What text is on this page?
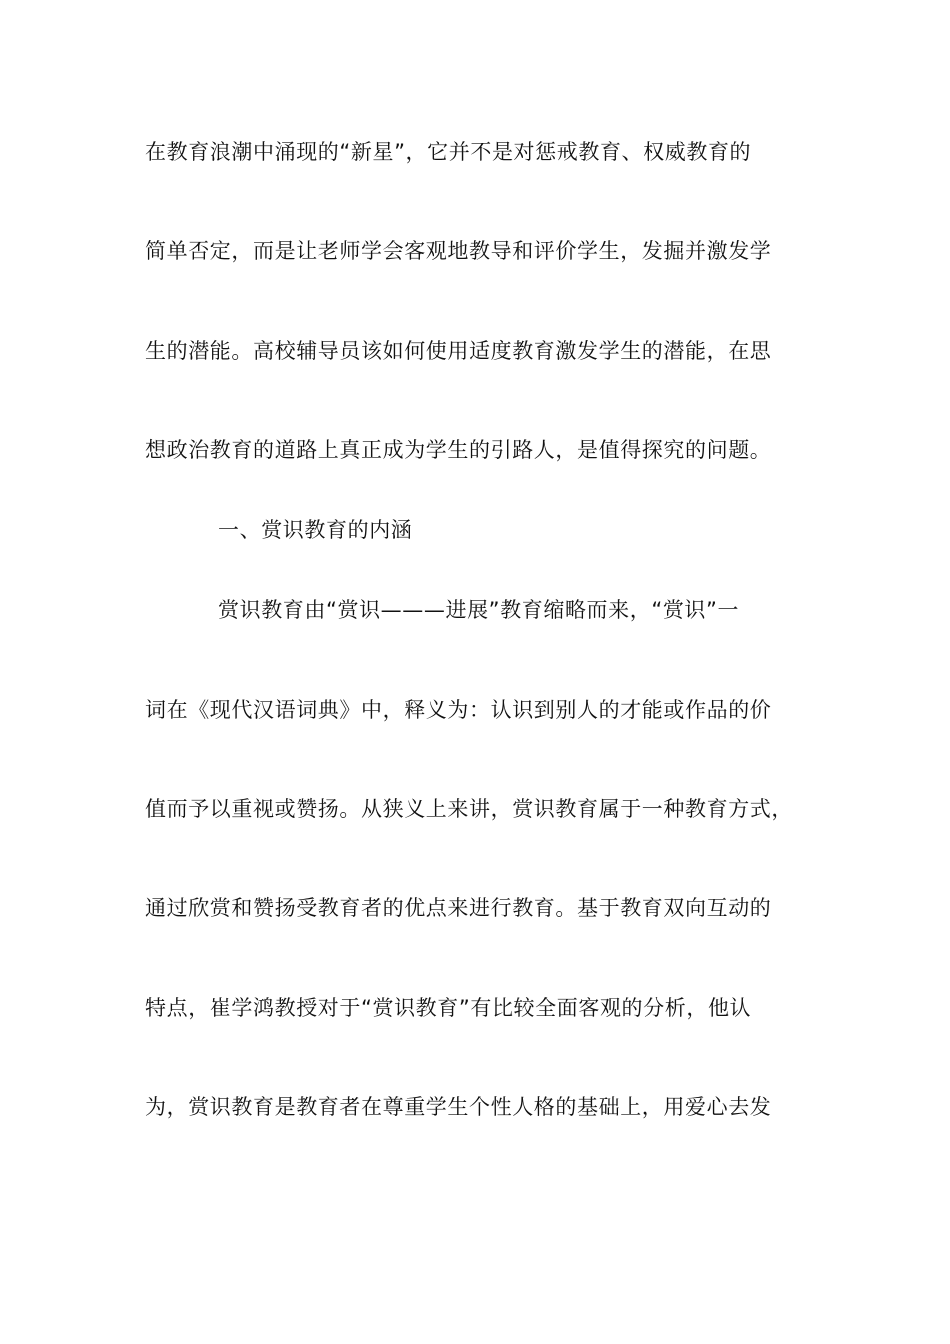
在教育浪潮中涌现的“新星”，它并不是对惩戒教育、权威教育的
简单否定，而是让老师学会客观地教导和评价学生，发掘并激发学
生的潜能。高校辅导员该如何使用适度教育激发学生的潜能，在思
想政治教育的道路上真正成为学生的引路人，是值得探究的问题。
一、赏识教育的内涵
赏识教育由“赏识———进展”教育缩略而来，“赏识”一
词在《现代汉语词典》中，释义为：认识到别人的才能或作品的价
值而予以重视或赞扬。从狭义上来讲，赏识教育属于一种教育方式，
通过欣赏和赞扬受教育者的优点来进行教育。基于教育双向互动的
特点，崔学鸿教授对于“赏识教育”有比较全面客观的分析，他认
为，赏识教育是教育者在尊重学生个性人格的基础上，用爱心去发
